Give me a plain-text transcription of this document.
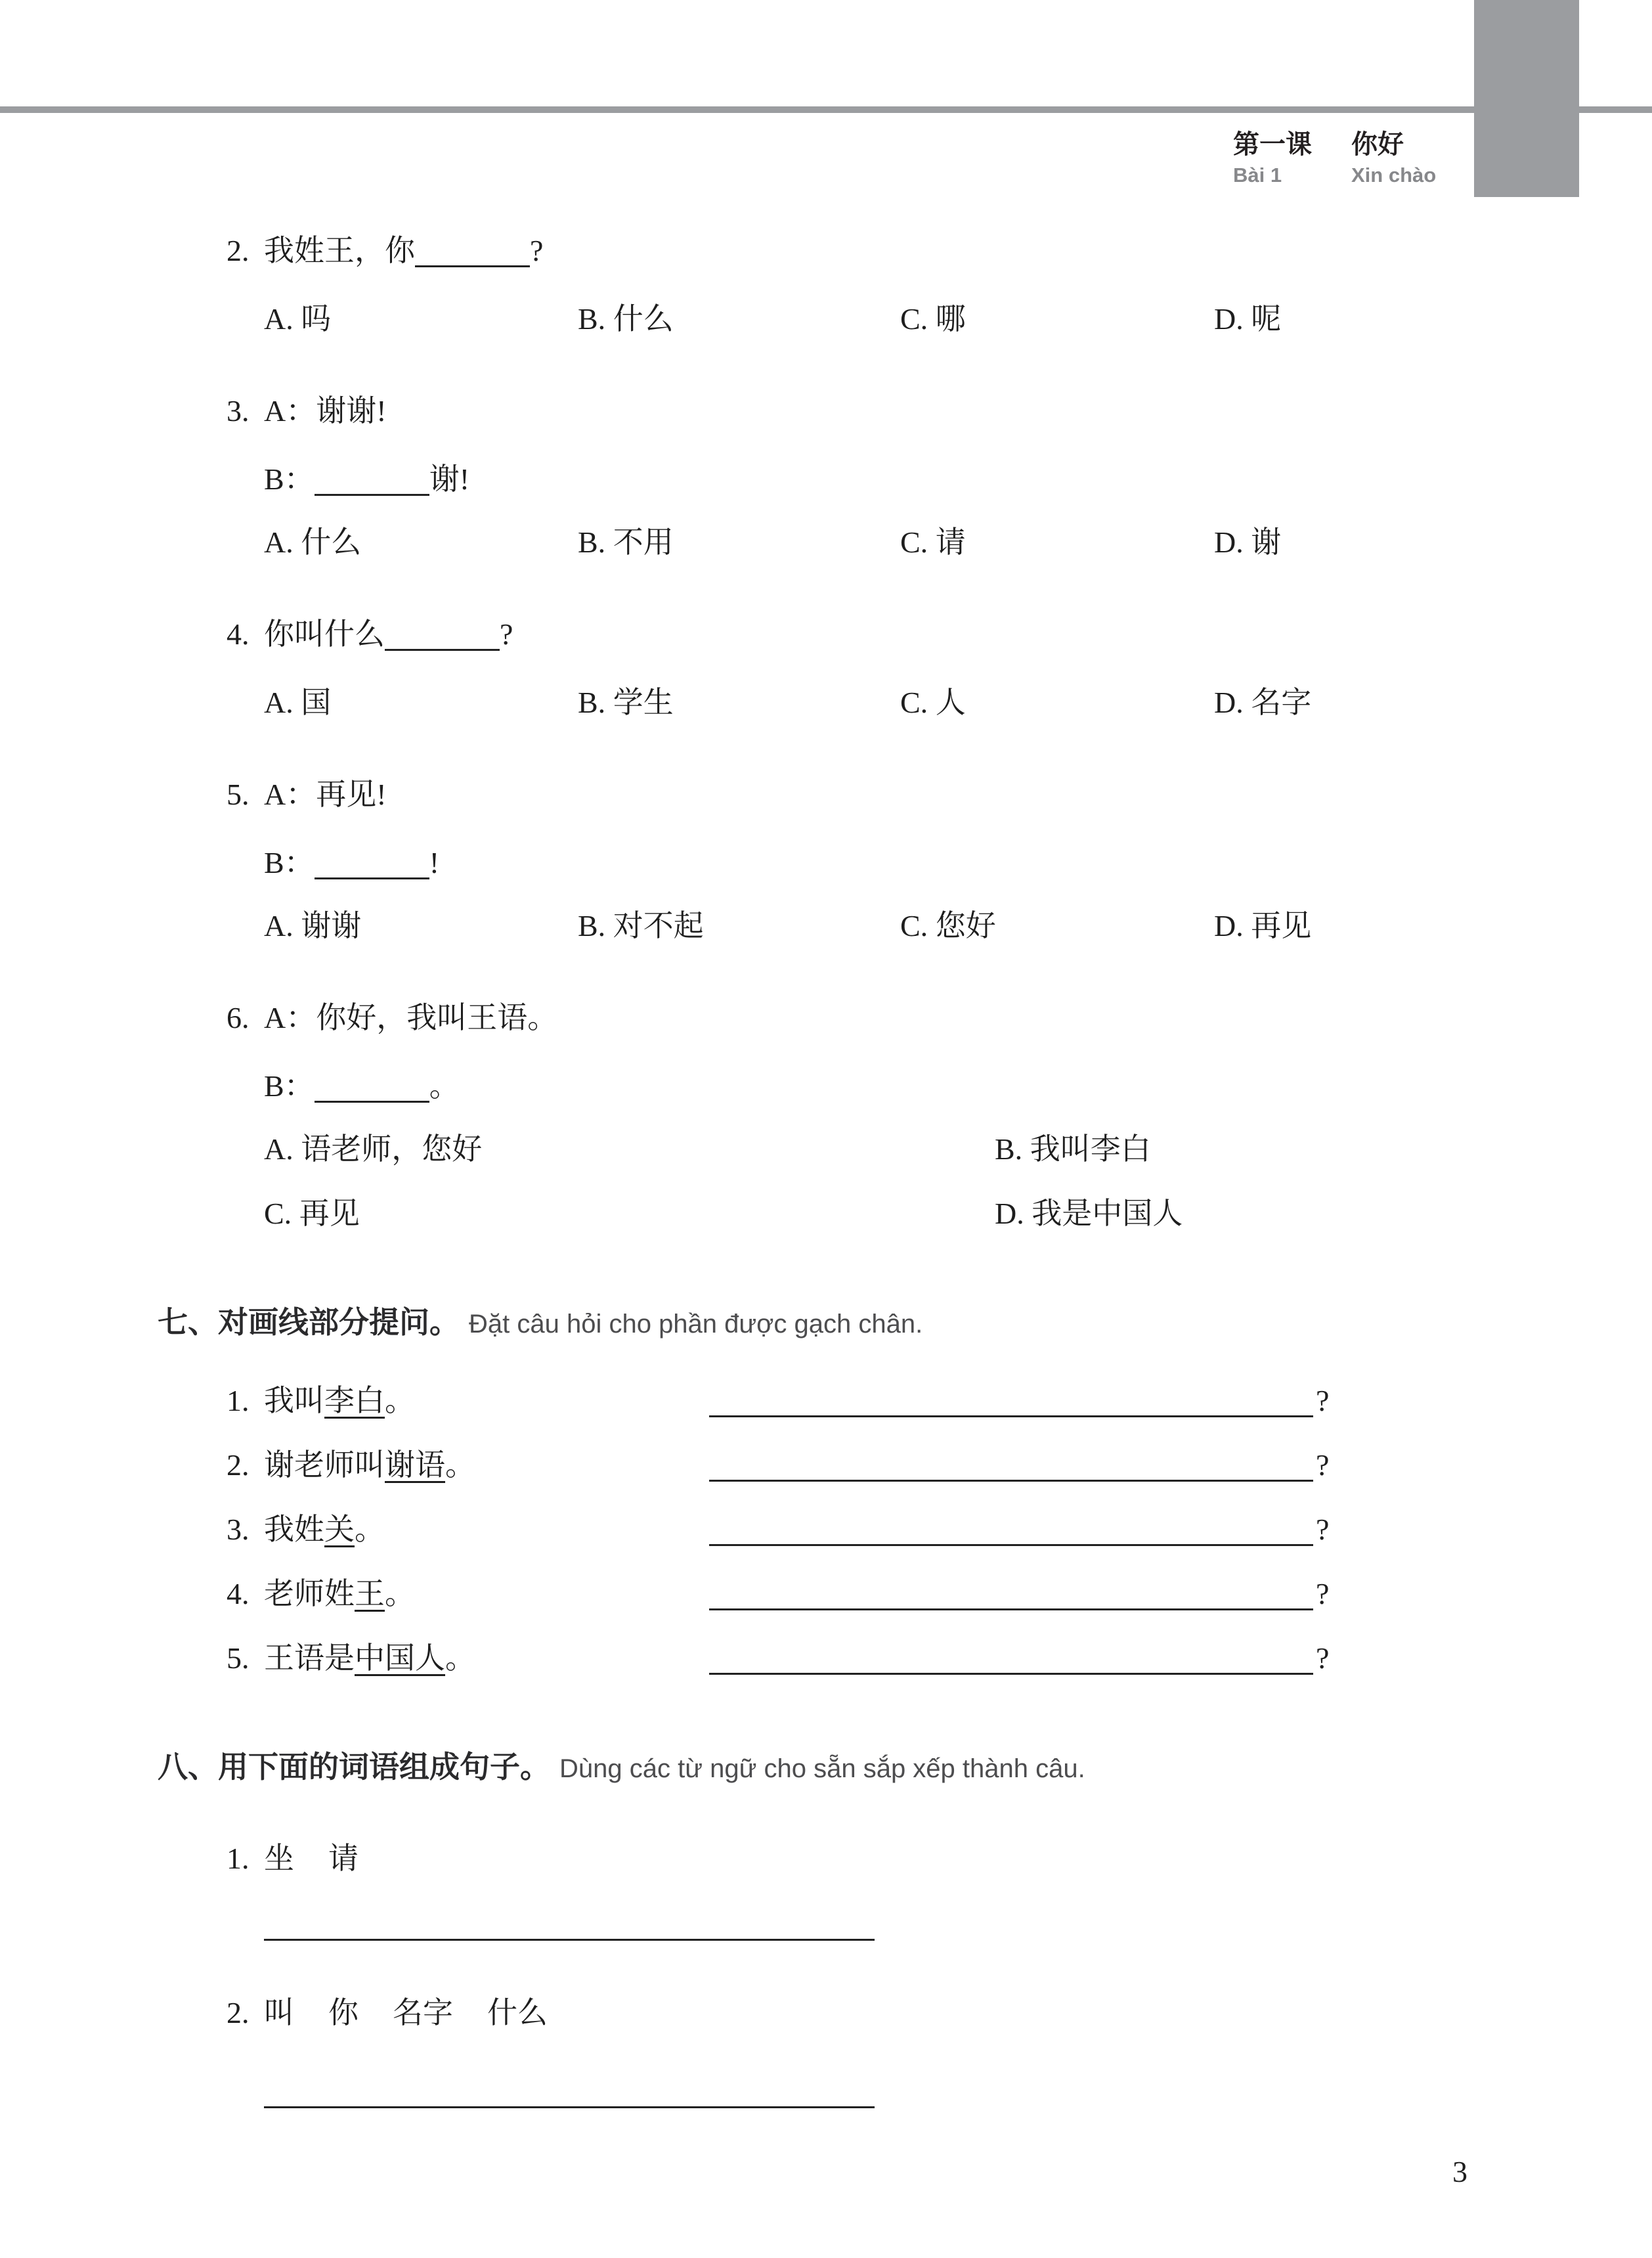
第一课 你好
Bài 1	Xin chào
2. 我姓王，你	?
A. 吗	B. 什么	C. 哪	D. 呢
3. A：谢谢!
B：	谢!
A. 什么	B. 不用	C. 请	D. 谢
4. 你叫什么	?
A. 国	B. 学生	C. 人	D. 名字
5. A：再见!
B：	!
A. 谢谢	B. 对不起	C. 您好	D. 再见
6. A：你好，我叫王语。
B：	。
A. 语老师，您好	B. 我叫李白
C. 再见	D. 我是中国人
七、对画线部分提问。 Đặt câu hỏi cho phần được gạch chân.
1. 我叫李白。	?
2. 谢老师叫谢语。	?
3. 我姓关。	?
4. 老师姓王。	?
5. 王语是中国人。	?
八、用下面的词语组成句子。 Dùng các từ ngữ cho sẵn sắp xếp thành câu.
1. 坐 请
2. 叫 你 名字 什么
3
